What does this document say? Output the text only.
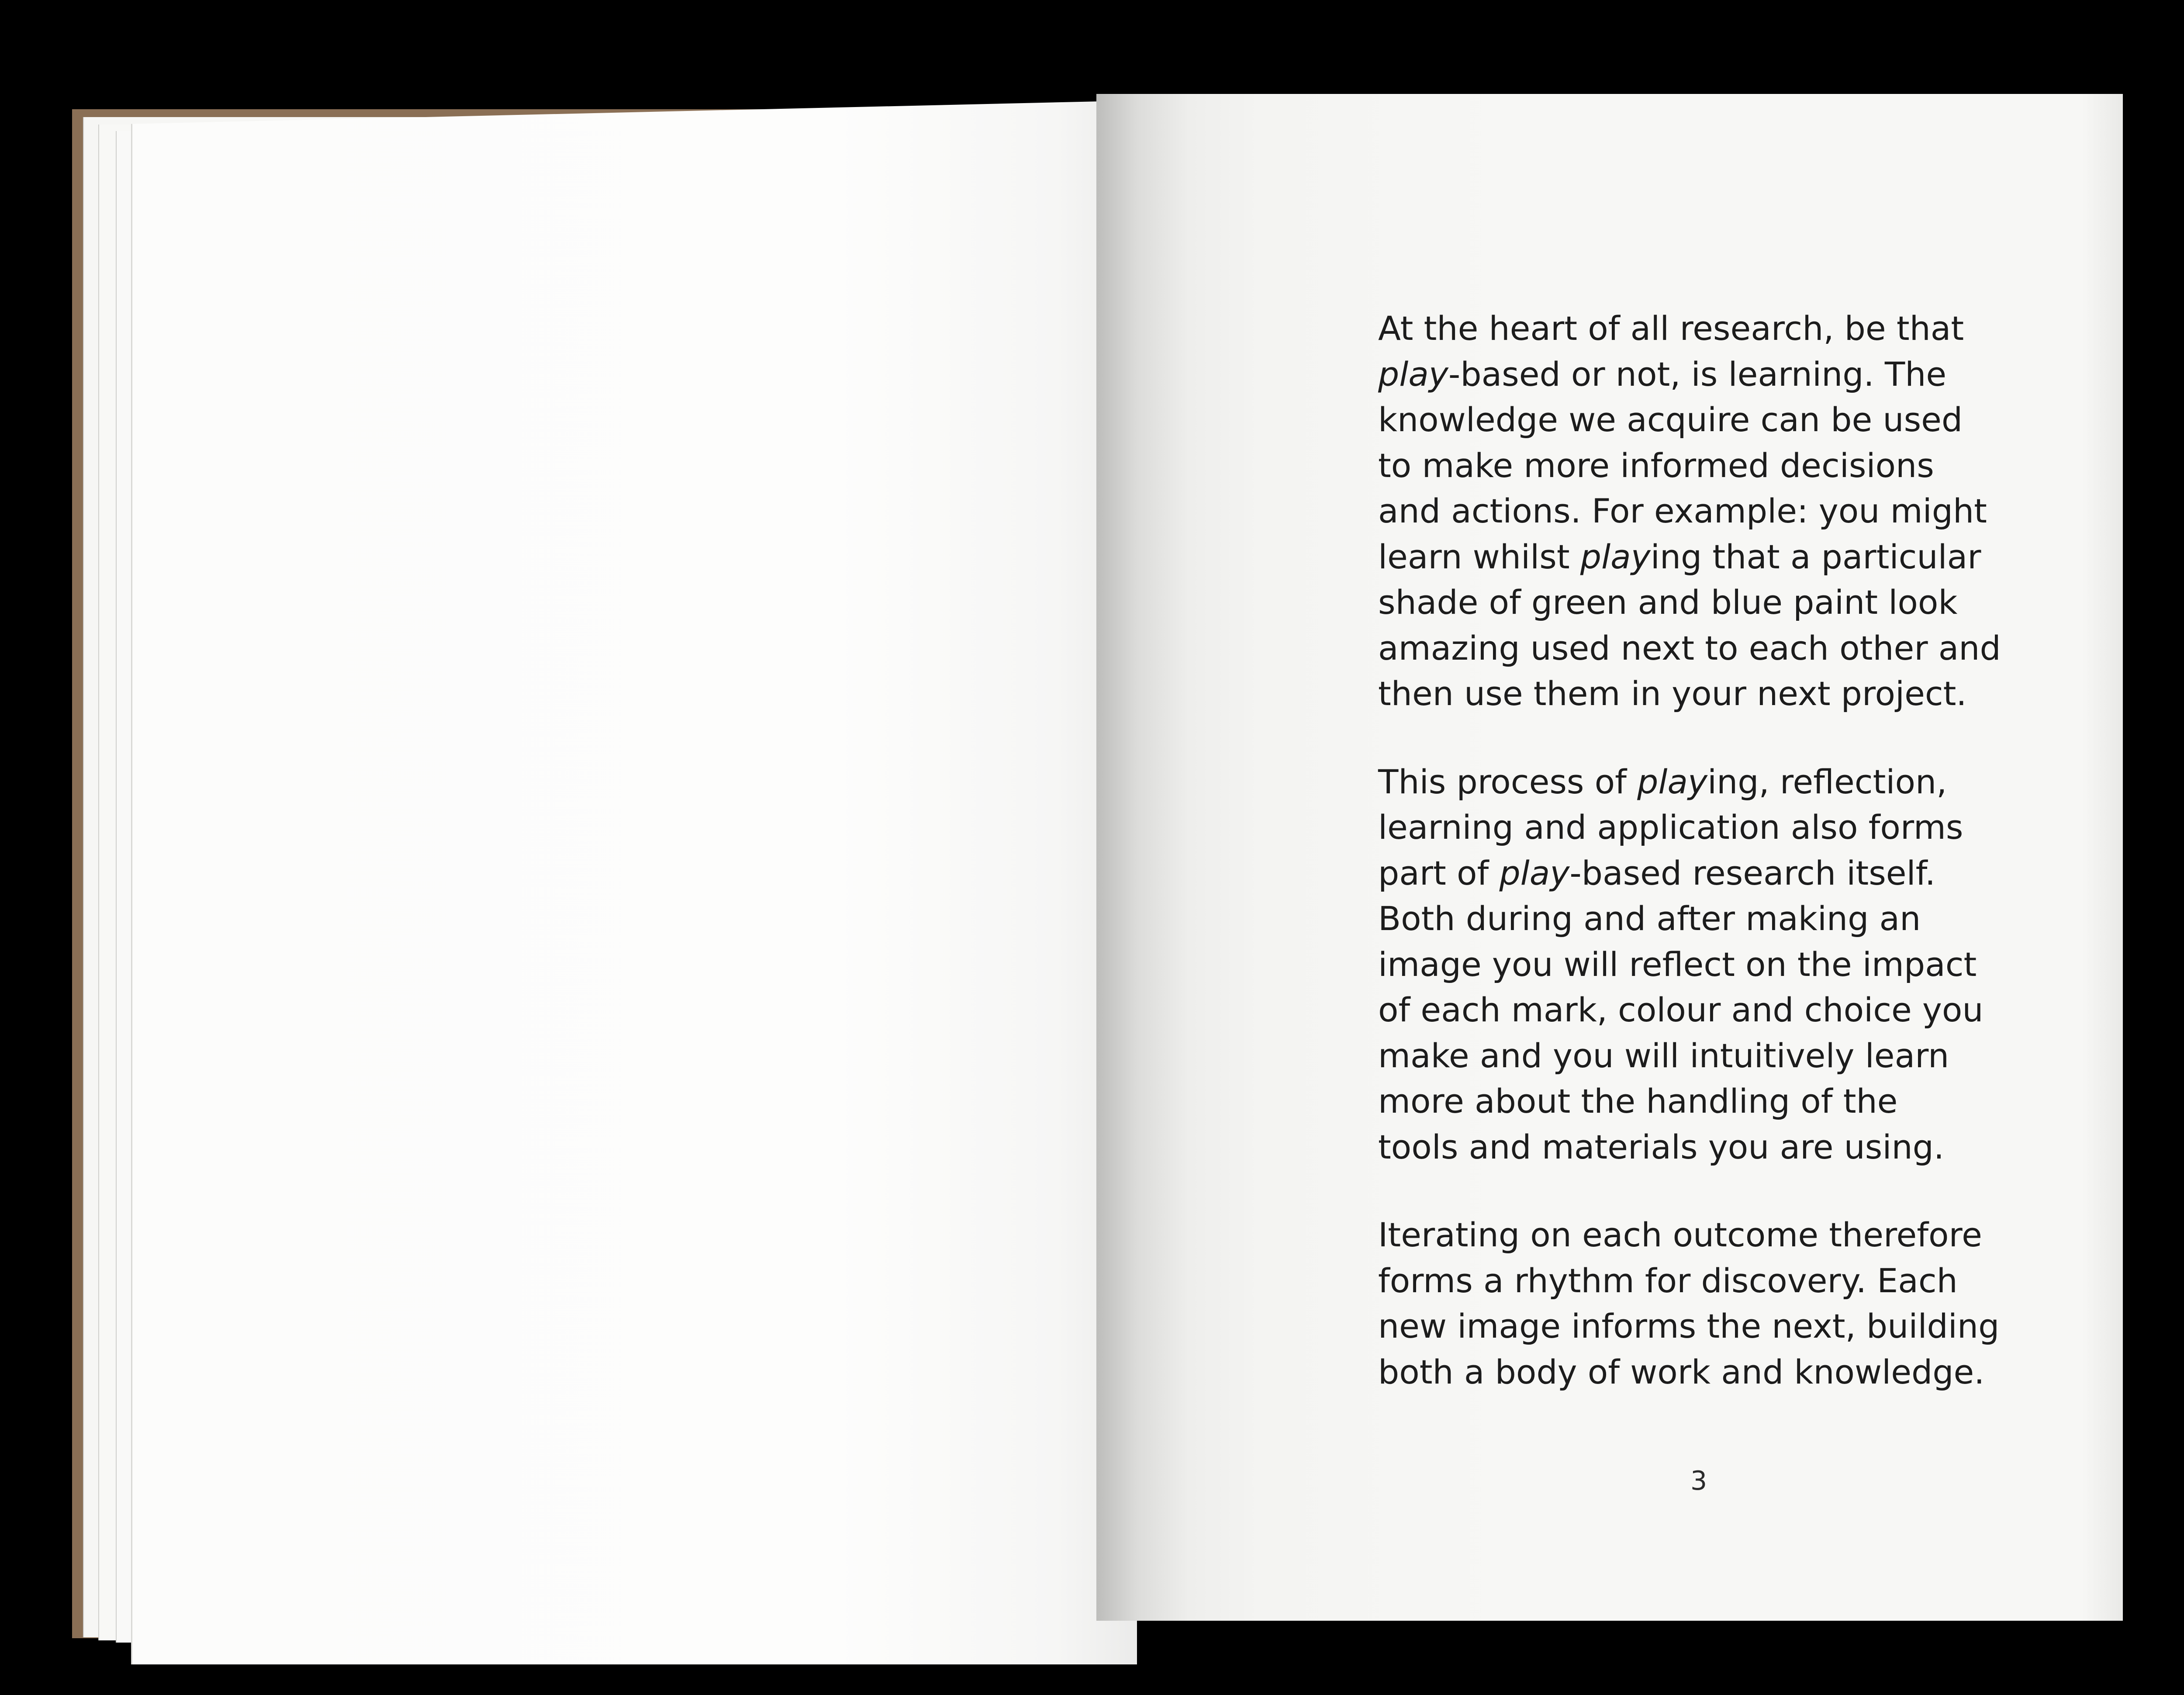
At the heart of all research, be that
play-based or not, is learning. The
knowledge we acquire can be used
to make more informed decisions
and actions. For example: you might
learn whilst playing that a particular
shade of green and blue paint look
amazing used next to each other and
then use them in your next project.

This process of playing, reflection,
learning and application also forms
part of play-based research itself.
Both during and after making an
image you will reflect on the impact
of each mark, colour and choice you
make and you will intuitively learn
more about the handling of the
tools and materials you are using.

Iterating on each outcome therefore
forms a rhythm for discovery. Each
new image informs the next, building
both a body of work and knowledge.

3
